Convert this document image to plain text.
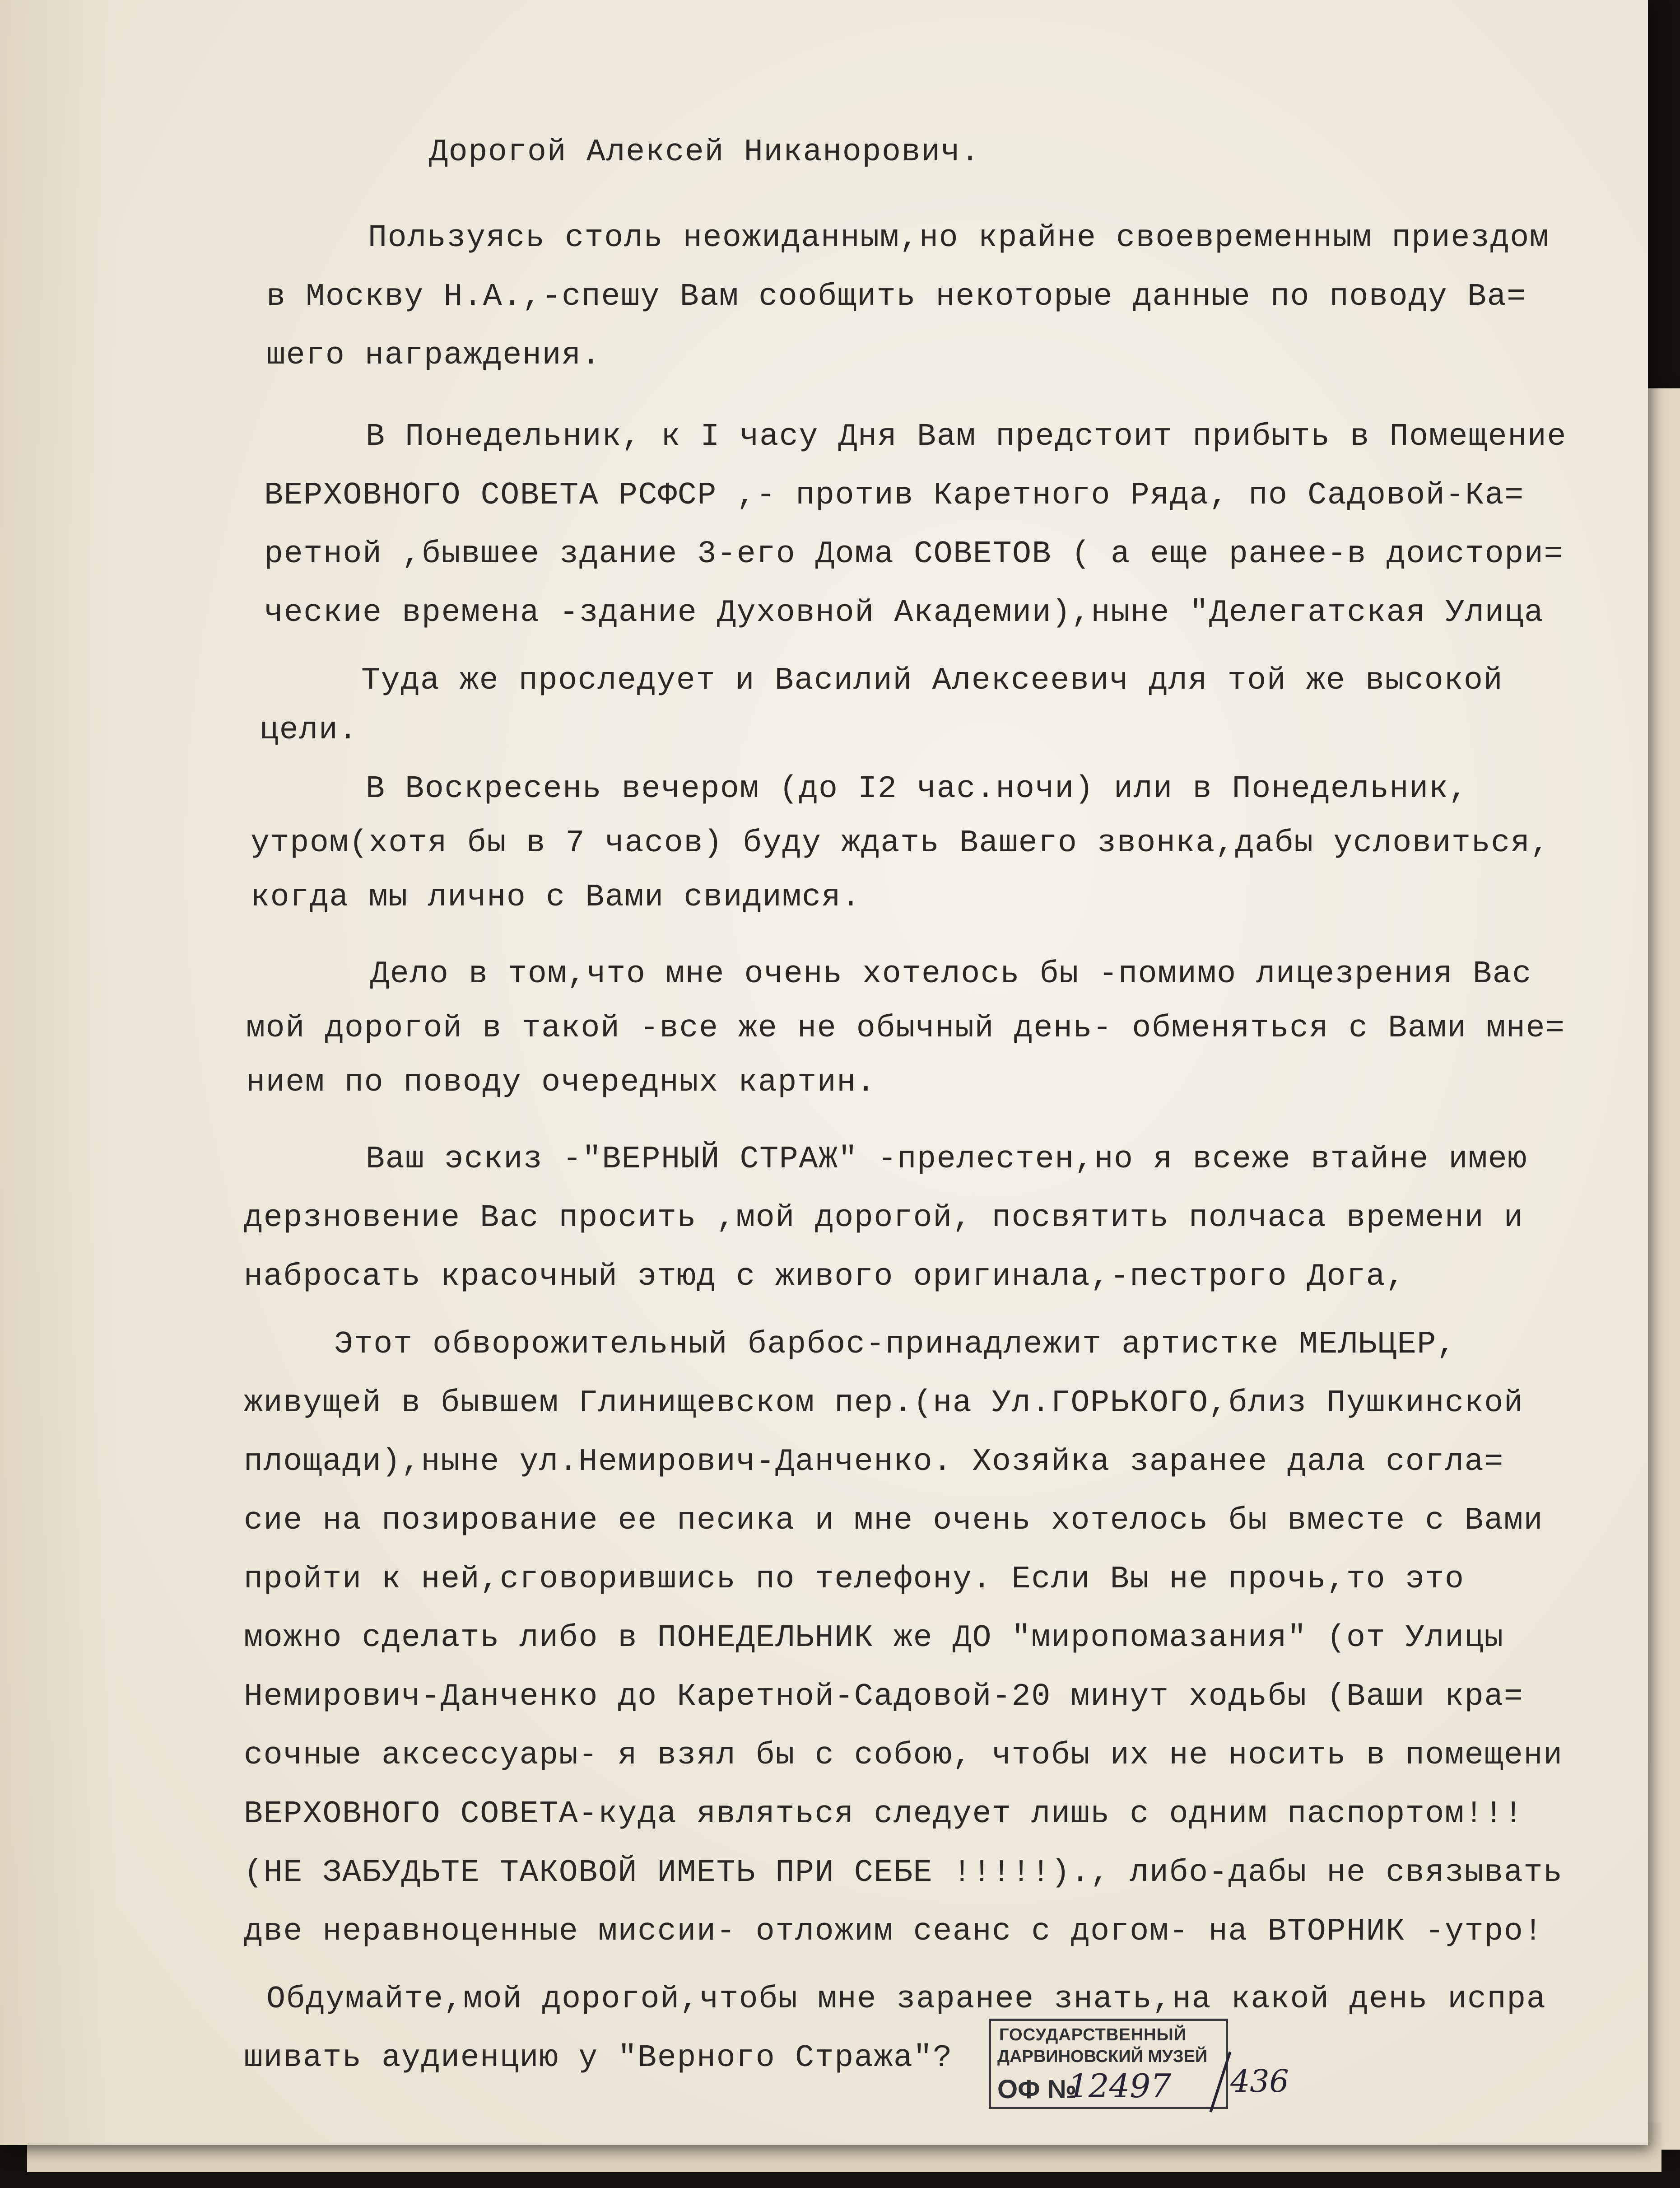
Дорогой Алексей Никанорович.

Пользуясь столь неожиданным,но крайне своевременным приездом

в Москву Н.А.,-спешу Вам сообщить некоторые данные по поводу Ва=

шего награждения.

В Понедельник, к I часу Дня Вам предстоит прибыть в Помещение

ВЕРХОВНОГО СОВЕТА РСФСР ,- против Каретного Ряда, по Садовой-Ка=

ретной ,бывшее здание 3-его Дома СОВЕТОВ ( а еще ранее-в доистори=

ческие времена -здание Духовной Академии),ныне "Делегатская Улица

Туда же проследует и Василий Алексеевич для той же высокой

цели.

В Воскресень вечером (до I2 час.ночи) или в Понедельник,

утром(хотя бы в 7 часов) буду ждать Вашего звонка,дабы условиться,

когда мы лично с Вами свидимся.

Дело в том,что мне очень хотелось бы -помимо лицезрения Вас

мой дорогой в такой -все же не обычный день- обменяться с Вами мне=

нием по поводу очередных картин.

Ваш эскиз -"ВЕРНЫЙ СТРАЖ" -прелестен,но я всеже втайне имею

дерзновение Вас просить ,мой дорогой, посвятить полчаса времени и

набросать красочный этюд с живого оригинала,-пестрого Дога,

Этот обворожительный барбос-принадлежит артистке МЕЛЬЦЕР,

живущей в бывшем Глинищевском пер.(на Ул.ГОРЬКОГО,близ Пушкинской

площади),ныне ул.Немирович-Данченко. Хозяйка заранее дала согла=

сие на позирование ее песика и мне очень хотелось бы вместе с Вами

пройти к ней,сговорившись по телефону. Если Вы не прочь,то это

можно сделать либо в ПОНЕДЕЛЬНИК же ДО "миропомазания" (от Улицы

Немирович-Данченко до Каретной-Садовой-20 минут ходьбы (Ваши кра=

сочные аксессуары- я взял бы с собою, чтобы их не носить в помещени

ВЕРХОВНОГО СОВЕТА-куда являться следует лишь с одним паспортом!!!

(НЕ ЗАБУДЬТЕ ТАКОВОЙ ИМЕТЬ ПРИ СЕБЕ !!!!!)., либо-дабы не связывать

две неравноценные миссии- отложим сеанс с догом- на ВТОРНИК -утро!

Обдумайте,мой дорогой,чтобы мне заранее знать,на какой день испра

шивать аудиенцию у "Верного Стража"?

ГОСУДАРСТВЕННЫЙ
ДАРВИНОВСКИЙ МУЗЕЙ
ОФ №
12497 436
